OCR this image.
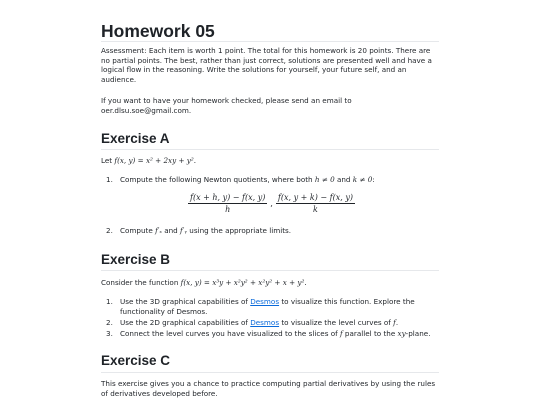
Homework 05

Assessment: Each item is worth 1 point. The total for this homework is 20 points. There are no partial points. The best, rather than just correct, solutions are presented well and have a logical flow in the reasoning. Write the solutions for yourself, your future self, and an audience.

If you want to have your homework checked, please send an email to oer.dlsu.soe@gmail.com.

Exercise A
Let f(x, y) = x² + 2xy + y².
1. Compute the following Newton quotients, where both h ≠ 0 and k ≠ 0:
$\frac{f(x + h, y) - f(x, y)}{h}$ , $\frac{f(x, y + k) - f(x, y)}{k}$
2. Compute f′ₓ and f′ᵧ using the appropriate limits.
Exercise B
Consider the function f(x, y) = x³y + x²y² + x²y² + x + y².
1. Use the 3D graphical capabilities of Desmos to visualize this function. Explore the
functionality of Desmos.
2. Use the 2D graphical capabilities of Desmos to visualize the level curves of f.
3. Connect the level curves you have visualized to the slices of f parallel to the xy-plane.
Exercise C

This exercise gives you a chance to practice computing partial derivatives by using the rules of derivatives developed before.
